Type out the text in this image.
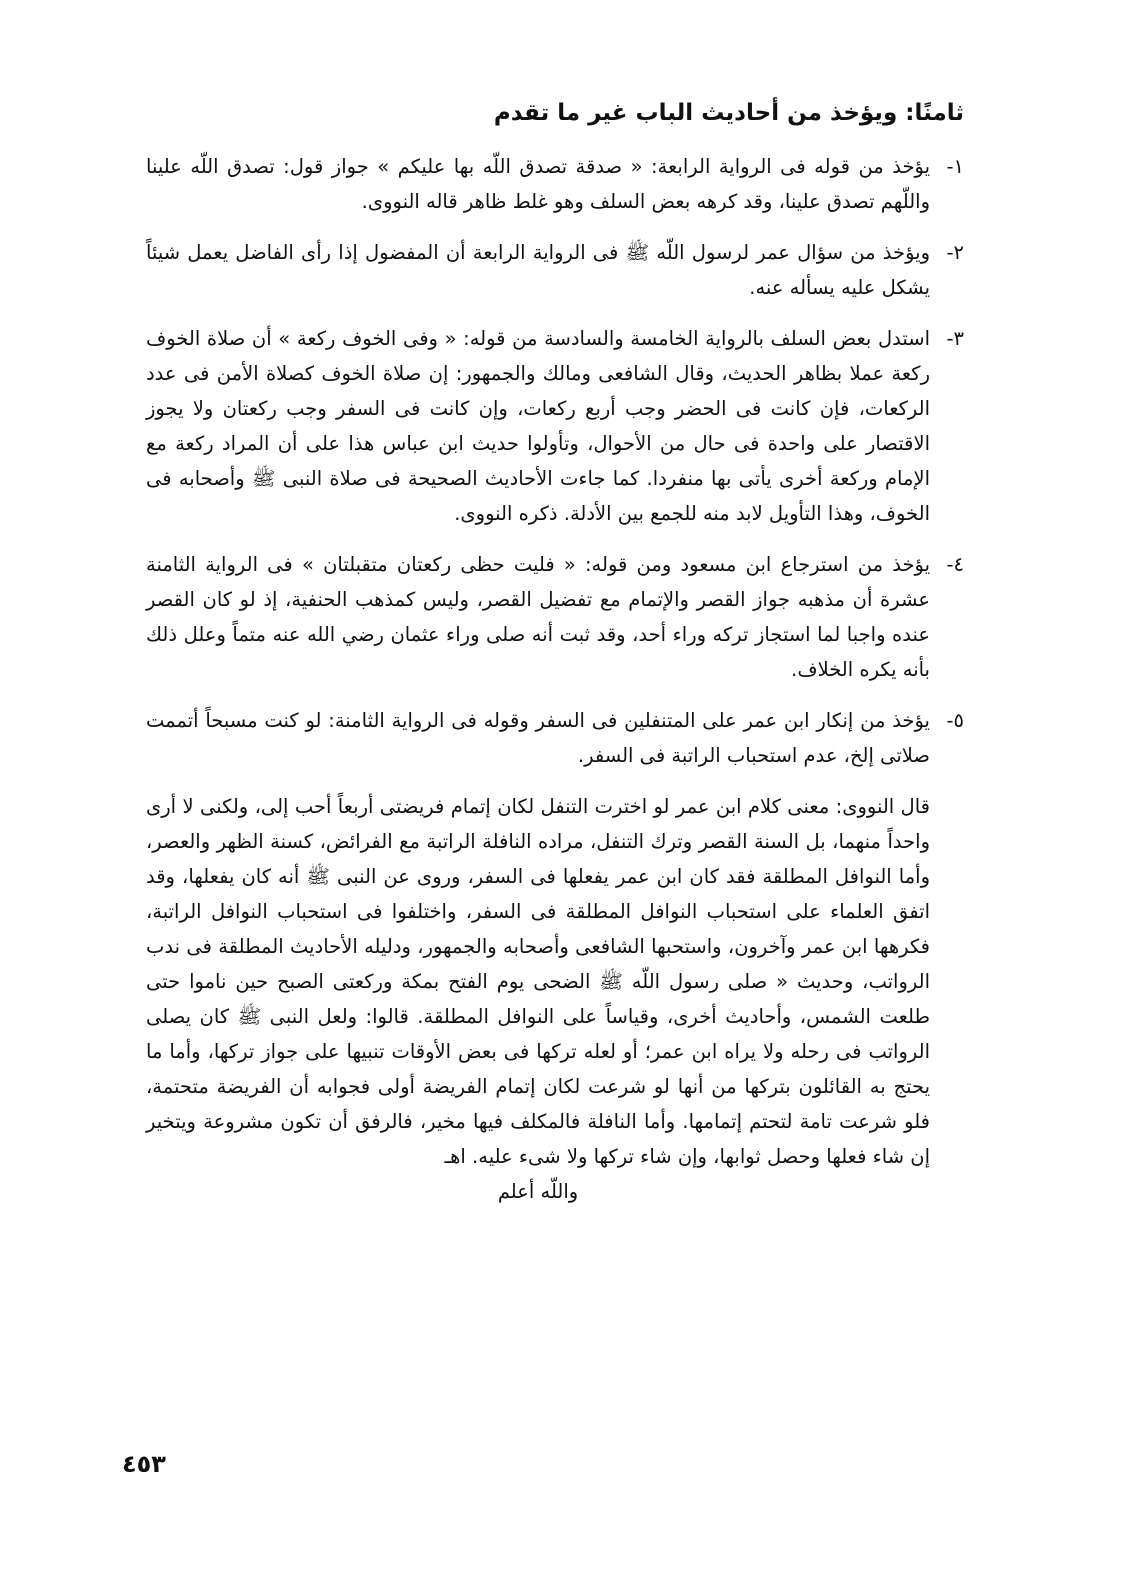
ثامنًا: ويؤخذ من أحاديث الباب غير ما تقدم
١-
يؤخذ من قوله فى الرواية الرابعة: « صدقة تصدق اللّه بها عليكم » جواز قول: تصدق اللّه علينا واللّهم تصدق علينا، وقد كرهه بعض السلف وهو غلط ظاهر قاله النووى.
٢-
ويؤخذ من سؤال عمر لرسول اللّه ﷺ فى الرواية الرابعة أن المفضول إذا رأى الفاضل يعمل شيئاً يشكل عليه يسأله عنه.
٣-
استدل بعض السلف بالرواية الخامسة والسادسة من قوله: « وفى الخوف ركعة » أن صلاة الخوف ركعة عملا بظاهر الحديث، وقال الشافعى ومالك والجمهور: إن صلاة الخوف كصلاة الأمن فى عدد الركعات، فإن كانت فى الحضر وجب أربع ركعات، وإن كانت فى السفر وجب ركعتان ولا يجوز الاقتصار على واحدة فى حال من الأحوال، وتأولوا حديث ابن عباس هذا على أن المراد ركعة مع الإمام وركعة أخرى يأتى بها منفردا. كما جاءت الأحاديث الصحيحة فى صلاة النبى ﷺ وأصحابه فى الخوف، وهذا التأويل لابد منه للجمع بين الأدلة. ذكره النووى.
٤-
يؤخذ من استرجاع ابن مسعود ومن قوله: « فليت حظى ركعتان متقبلتان » فى الرواية الثامنة عشرة أن مذهبه جواز القصر والإتمام مع تفضيل القصر، وليس كمذهب الحنفية، إذ لو كان القصر عنده واجبا لما استجاز تركه وراء أحد، وقد ثبت أنه صلى وراء عثمان رضي الله عنه متماً وعلل ذلك بأنه يكره الخلاف.
٥-
يؤخذ من إنكار ابن عمر على المتنفلين فى السفر وقوله فى الرواية الثامنة: لو كنت مسبحاً أتممت صلاتى إلخ، عدم استحباب الراتبة فى السفر.
قال النووى: معنى كلام ابن عمر لو اخترت التنفل لكان إتمام فريضتى أربعاً أحب إلى، ولكنى لا أرى واحداً منهما، بل السنة القصر وترك التنفل، مراده النافلة الراتبة مع الفرائض، كسنة الظهر والعصر، وأما النوافل المطلقة فقد كان ابن عمر يفعلها فى السفر، وروى عن النبى ﷺ أنه كان يفعلها، وقد اتفق العلماء على استحباب النوافل المطلقة فى السفر، واختلفوا فى استحباب النوافل الراتبة، فكرهها ابن عمر وآخرون، واستحبها الشافعى وأصحابه والجمهور، ودليله الأحاديث المطلقة فى ندب الرواتب، وحديث « صلى رسول اللّه ﷺ الضحى يوم الفتح بمكة وركعتى الصبح حين ناموا حتى طلعت الشمس، وأحاديث أخرى، وقياساً على النوافل المطلقة. قالوا: ولعل النبى ﷺ كان يصلى الرواتب فى رحله ولا يراه ابن عمر؛ أو لعله تركها فى بعض الأوقات تنبيها على جواز تركها، وأما ما يحتج به القائلون بتركها من أنها لو شرعت لكان إتمام الفريضة أولى فجوابه أن الفريضة متحتمة، فلو شرعت تامة لتحتم إتمامها. وأما النافلة فالمكلف فيها مخير، فالرفق أن تكون مشروعة ويتخير إن شاء فعلها وحصل ثوابها، وإن شاء تركها ولا شىء عليه. اهـ
واللّه أعلم
٤٥٣
